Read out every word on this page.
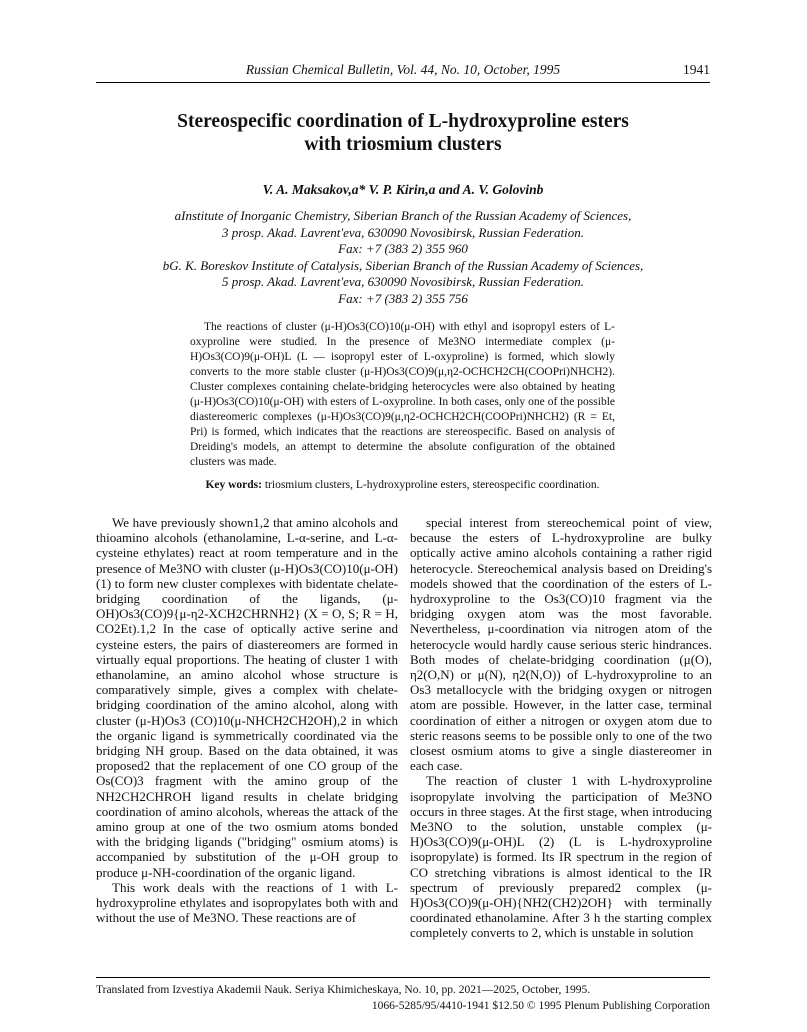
Russian Chemical Bulletin, Vol. 44, No. 10, October, 1995	1941
Stereospecific coordination of L-hydroxyproline esters
with triosmium clusters
V. A. Maksakov,a* V. P. Kirin,a and A. V. Golovinb

aInstitute of Inorganic Chemistry, Siberian Branch of the Russian Academy of Sciences,

3 prosp. Akad. Lavrent'eva, 630090 Novosibirsk, Russian Federation.

Fax: +7 (383 2) 355 960

bG. K. Boreskov Institute of Catalysis, Siberian Branch of the Russian Academy of Sciences,

5 prosp. Akad. Lavrent'eva, 630090 Novosibirsk, Russian Federation.

Fax: +7 (383 2) 355 756

The reactions of cluster (μ-H)Os3(CO)10(μ-OH) with ethyl and isopropyl esters of L-oxyproline were studied. In the presence of Me3NO intermediate complex (μ-H)Os3(CO)9(μ-OH)L (L — isopropyl ester of L-oxyproline) is formed, which slowly converts to the more stable cluster (μ-H)Os3(CO)9(μ,η2-OCHCH2CH(COOPri)NHCH2). Cluster complexes containing chelate-bridging heterocycles were also obtained by heating (μ-H)Os3(CO)10(μ-OH) with esters of L-oxyproline. In both cases, only one of the possible diastereomeric complexes (μ-H)Os3(CO)9(μ,η2-OCHCH2CH(COOPri)NHCH2) (R = Et, Pri) is formed, which indicates that the reactions are stereospecific. Based on analysis of Dreiding's models, an attempt to determine the absolute configuration of the obtained clusters was made.

Key words: triosmium clusters, L-hydroxyproline esters, stereospecific coordination.

We have previously shown1,2 that amino alcohols and thioamino alcohols (ethanolamine, L-α-serine, and L-α-cysteine ethylates) react at room temperature and in the presence of Me3NO with cluster (μ-H)Os3(CO)10(μ-OH) (1) to form new cluster complexes with bidentate chelate-bridging coordination of the ligands, (μ-OH)Os3(CO)9{μ-η2-XCH2CHRNH2} (X = O, S; R = H, CO2Et).1,2 In the case of optically active serine and cysteine esters, the pairs of diastereomers are formed in virtually equal proportions. The heating of cluster 1 with ethanolamine, an amino alcohol whose structure is comparatively simple, gives a complex with chelate-bridging coordination of the amino alcohol, along with cluster (μ-H)Os3 (CO)10(μ-NHCH2CH2OH),2 in which the organic ligand is symmetrically coordinated via the bridging NH group. Based on the data obtained, it was proposed2 that the replacement of one CO group of the Os(CO)3 fragment with the amino group of the NH2CH2CHROH ligand results in chelate bridging coordination of amino alcohols, whereas the attack of the amino group at one of the two osmium atoms bonded with the bridging ligands ("bridging" osmium atoms) is accompanied by substitution of the μ-OH group to produce μ-NH-coordination of the organic ligand.

This work deals with the reactions of 1 with L-hydroxyproline ethylates and isopropylates both with and without the use of Me3NO. These reactions are of

special interest from stereochemical point of view, because the esters of L-hydroxyproline are bulky optically active amino alcohols containing a rather rigid heterocycle. Stereochemical analysis based on Dreiding's models showed that the coordination of the esters of L-hydroxyproline to the Os3(CO)10 fragment via the bridging oxygen atom was the most favorable. Nevertheless, μ-coordination via nitrogen atom of the heterocycle would hardly cause serious steric hindrances. Both modes of chelate-bridging coordination (μ(O), η2(O,N) or μ(N), η2(N,O)) of L-hydroxyproline to an Os3 metallocycle with the bridging oxygen or nitrogen atom are possible. However, in the latter case, terminal coordination of either a nitrogen or oxygen atom due to steric reasons seems to be possible only to one of the two closest osmium atoms to give a single diastereomer in each case.

The reaction of cluster 1 with L-hydroxyproline isopropylate involving the participation of Me3NO occurs in three stages. At the first stage, when introducing Me3NO to the solution, unstable complex (μ-H)Os3(CO)9(μ-OH)L (2) (L is L-hydroxyproline isopropylate) is formed. Its IR spectrum in the region of CO stretching vibrations is almost identical to the IR spectrum of previously prepared2 complex (μ-H)Os3(CO)9(μ-OH){NH2(CH2)2OH} with terminally coordinated ethanolamine. After 3 h the starting complex completely converts to 2, which is unstable in solution

Translated from Izvestiya Akademii Nauk. Seriya Khimicheskaya, No. 10, pp. 2021—2025, October, 1995.
1066-5285/95/4410-1941 $12.50 © 1995 Plenum Publishing Corporation
